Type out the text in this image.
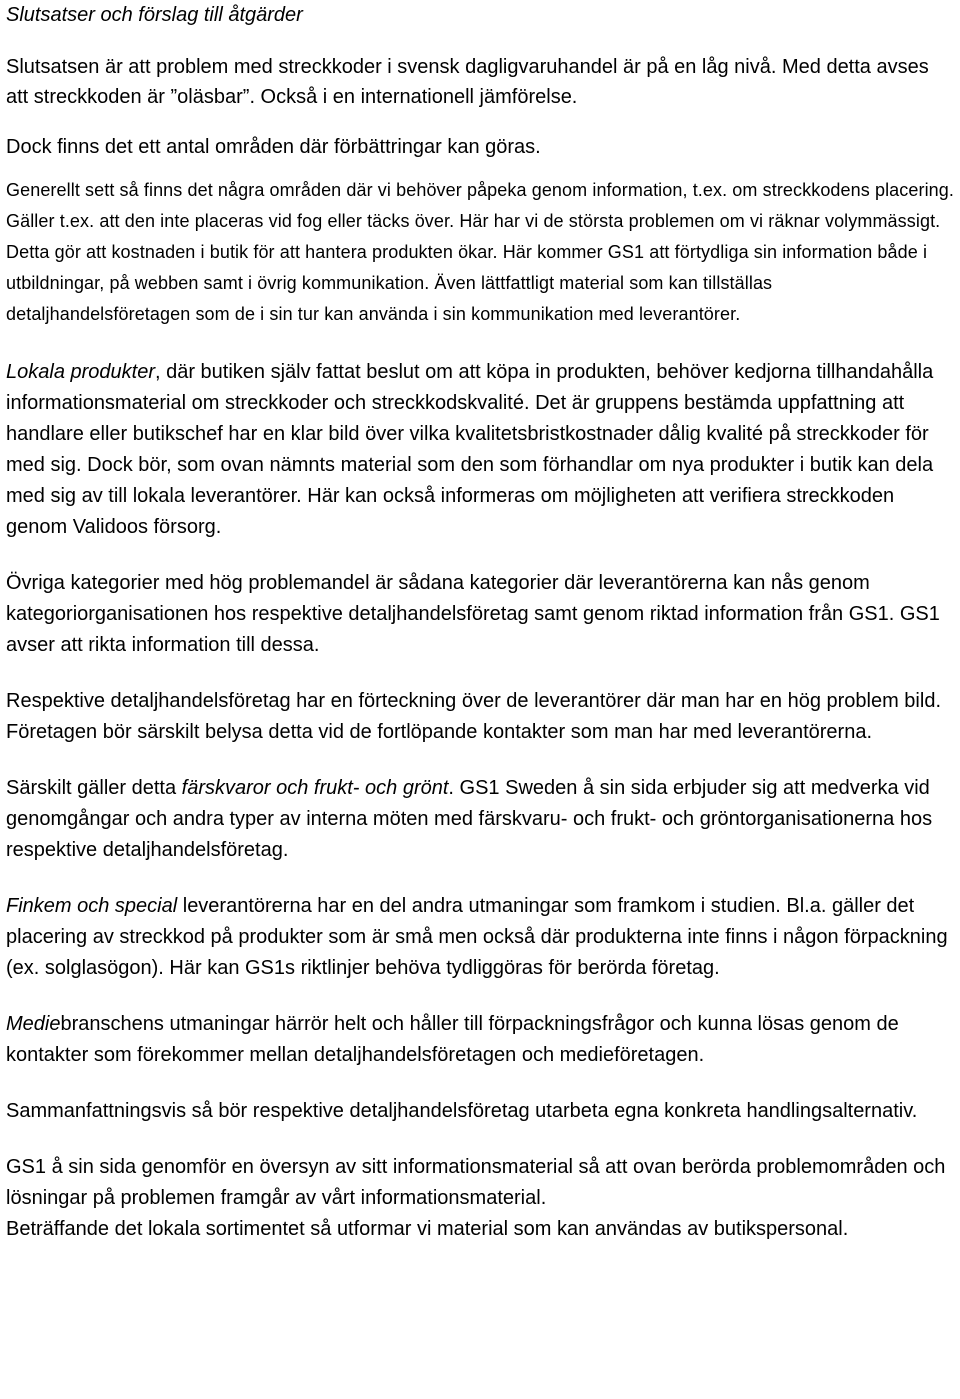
Slutsatser och förslag till åtgärder

Slutsatsen är att problem med streckkoder i svensk dagligvaruhandel är på en låg nivå. Med detta avses att streckkoden är ”oläsbar”. Också i en internationell jämförelse.

Dock finns det ett antal områden där förbättringar kan göras.

Generellt sett så finns det några områden där vi behöver påpeka genom information, t.ex. om streckkodens placering. Gäller t.ex. att den inte placeras vid fog eller täcks över. Här har vi de största problemen om vi räknar volymmässigt. Detta gör att kostnaden i butik för att hantera produkten ökar. Här kommer GS1 att förtydliga sin information både i utbildningar, på webben samt i övrig kommunikation. Även lättfattligt material som kan tillställas detaljhandelsföretagen som de i sin tur kan använda i sin kommunikation med leverantörer.

Lokala produkter, där butiken själv fattat beslut om att köpa in produkten, behöver kedjorna tillhandahålla informationsmaterial om streckkoder och streckkodskvalité. Det är gruppens bestämda uppfattning att handlare eller butikschef har en klar bild över vilka kvalitetsbristkostnader dålig kvalité på streckkoder för med sig. Dock bör, som ovan nämnts material som den som förhandlar om nya produkter i butik kan dela med sig av till lokala leverantörer. Här kan också informeras om möjligheten att verifiera streckkoden genom Validoos försorg.

Övriga kategorier med hög problemandel är sådana kategorier där leverantörerna kan nås genom kategoriorganisationen hos respektive detaljhandelsföretag samt genom riktad information från GS1. GS1 avser att rikta information till dessa.

Respektive detaljhandelsföretag har en förteckning över de leverantörer där man har en hög problem bild. Företagen bör särskilt belysa detta vid de fortlöpande kontakter som man har med leverantörerna.

Särskilt gäller detta färskvaror och frukt- och grönt. GS1 Sweden å sin sida erbjuder sig att medverka vid genomgångar och andra typer av interna möten med färskvaru- och frukt- och gröntorganisationerna hos respektive detaljhandelsföretag.

Finkem och special leverantörerna har en del andra utmaningar som framkom i studien. Bl.a. gäller det placering av streckkod på produkter som är små men också där produkterna inte finns i någon förpackning (ex. solglasögon). Här kan GS1s riktlinjer behöva tydliggöras för berörda företag.

Mediebranschens utmaningar härrör helt och håller till förpackningsfrågor och kunna lösas genom de kontakter som förekommer mellan detaljhandelsföretagen och medieföretagen.

Sammanfattningsvis så bör respektive detaljhandelsföretag utarbeta egna konkreta handlingsalternativ.

GS1 å sin sida genomför en översyn av sitt informationsmaterial så att ovan berörda problemområden och lösningar på problemen framgår av vårt informationsmaterial.
Beträffande det lokala sortimentet så utformar vi material som kan användas av butikspersonal.
